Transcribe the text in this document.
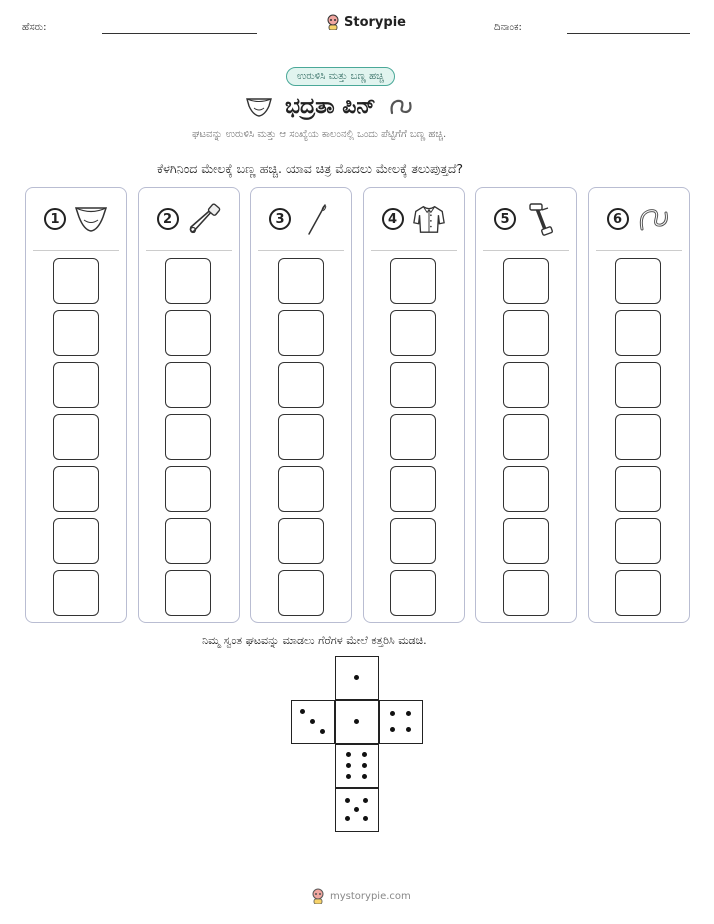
ಹೆಸರು:	Storypie	ದಿನಾಂಕ:
ಉರುಳಿಸಿ ಮತ್ತು ಬಣ್ಣ ಹಚ್ಚಿ
ಭದ್ರತಾ ಪಿನ್
ಘಟವನ್ನು ಉರುಳಿಸಿ ಮತ್ತು ಆ ಸಂಖ್ಯೆಯ ಕಾಲಂನಲ್ಲಿ ಒಂದು ಪೆಟ್ಟಿಗೆಗೆ ಬಣ್ಣ ಹಚ್ಚಿ.
ಕೆಳಗಿನಿಂದ ಮೇಲಕ್ಕೆ ಬಣ್ಣ ಹಚ್ಚಿ. ಯಾವ ಚಿತ್ರ ಮೊದಲು ಮೇಲಕ್ಕೆ ತಲುಪುತ್ತದೆ?
1	2	3	4	5	6
ನಿಮ್ಮ ಸ್ವಂತ ಘಟವನ್ನು ಮಾಡಲು ಗೆರೆಗಳ ಮೇಲೆ ಕತ್ತರಿಸಿ ಮಡಚಿ.
mystorypie.com
